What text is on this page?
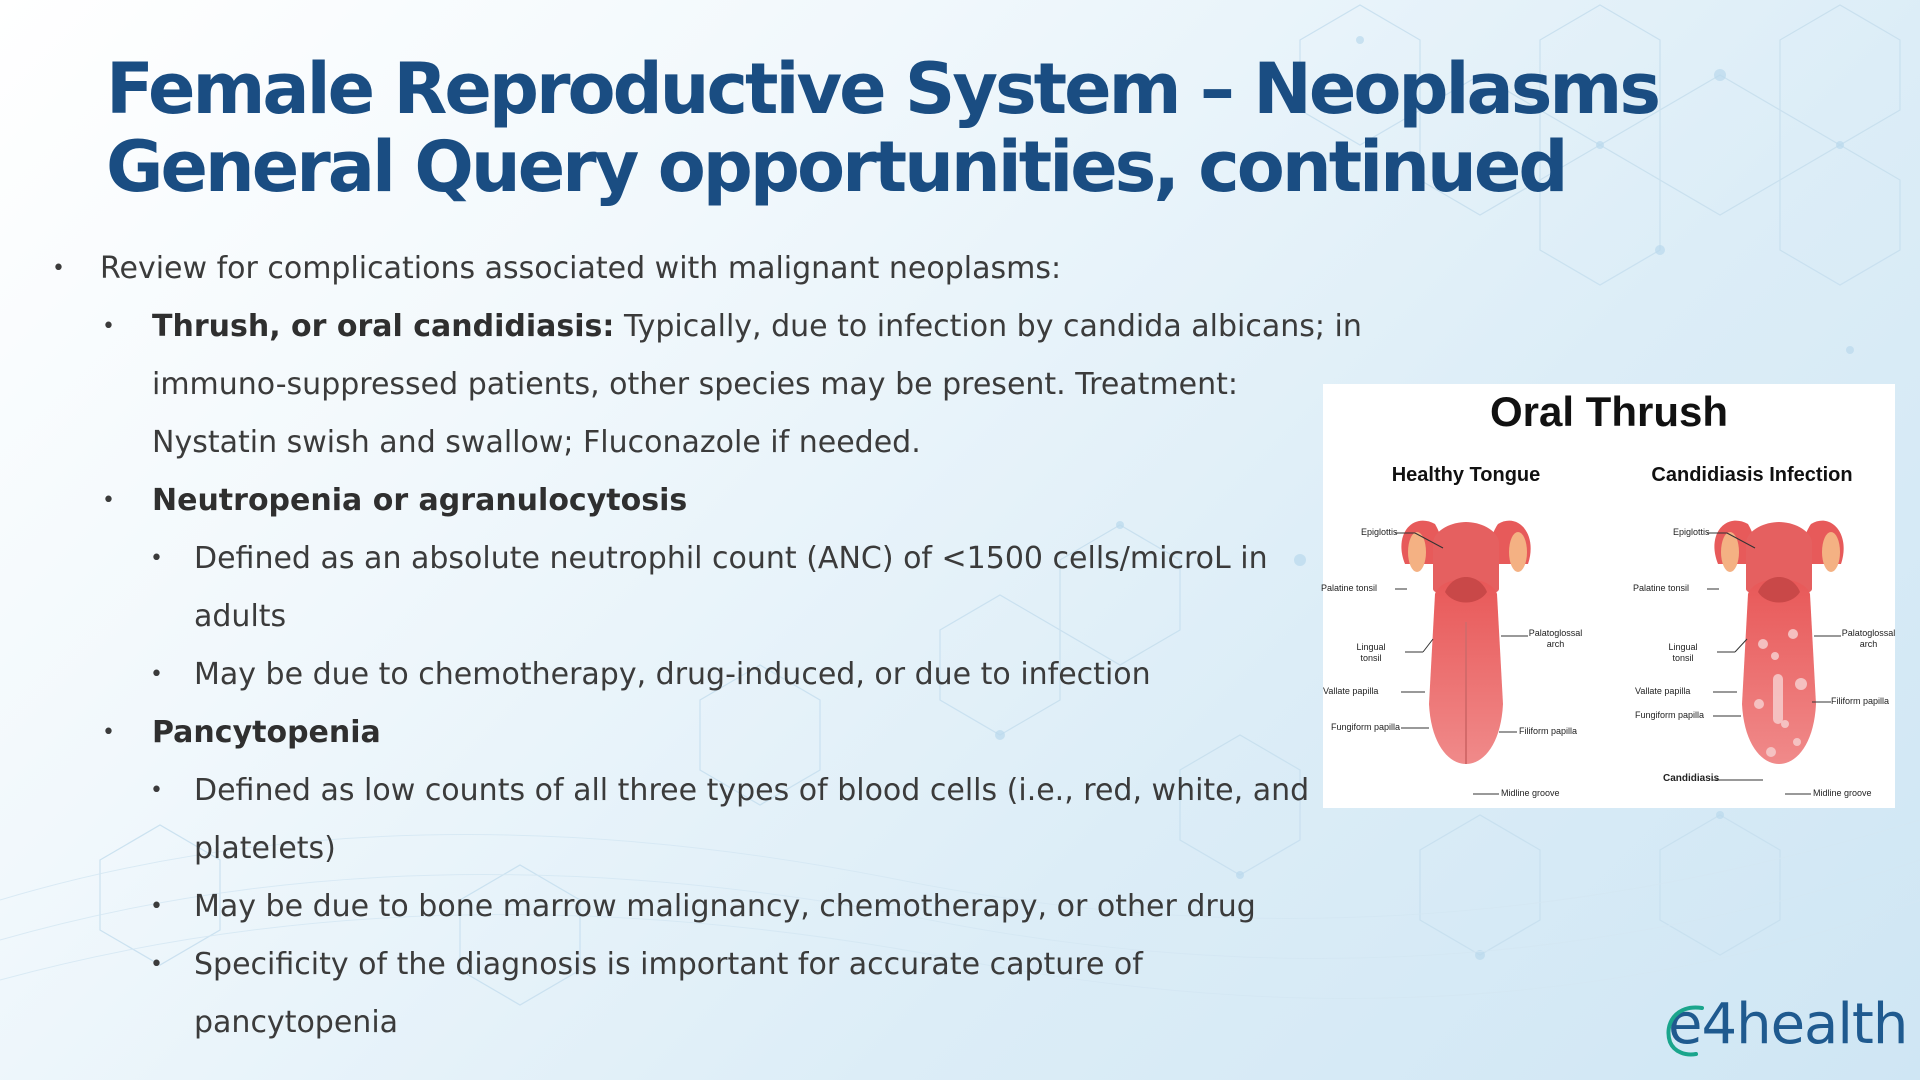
Female Reproductive System – Neoplasms
General Query opportunities, continued
• Review for complications associated with malignant neoplasms:
• Thrush, or oral candidiasis: Typically, due to infection by candida albicans; in
immuno-suppressed patients, other species may be present. Treatment:
Nystatin swish and swallow; Fluconazole if needed.
• Neutropenia or agranulocytosis
• Defined as an absolute neutrophil count (ANC) of <1500 cells/microL in
adults
• May be due to chemotherapy, drug-induced, or due to infection
• Pancytopenia
• Defined as low counts of all three types of blood cells (i.e., red, white, and
platelets)
• May be due to bone marrow malignancy, chemotherapy, or other drug
• Specificity of the diagnosis is important for accurate capture of
pancytopenia
Oral Thrush
Healthy Tongue	Candidiasis Infection
Epiglottis
Palatine tonsil
Lingual tonsil
Vallate papilla
Fungiform papilla
Palatoglossal arch
Filiform papilla
Midline groove
Epiglottis
Palatine tonsil
Lingual tonsil
Vallate papilla
Fungiform papilla
Candidiasis
Palatoglossal arch
Filiform papilla
Midline groove
e4health
